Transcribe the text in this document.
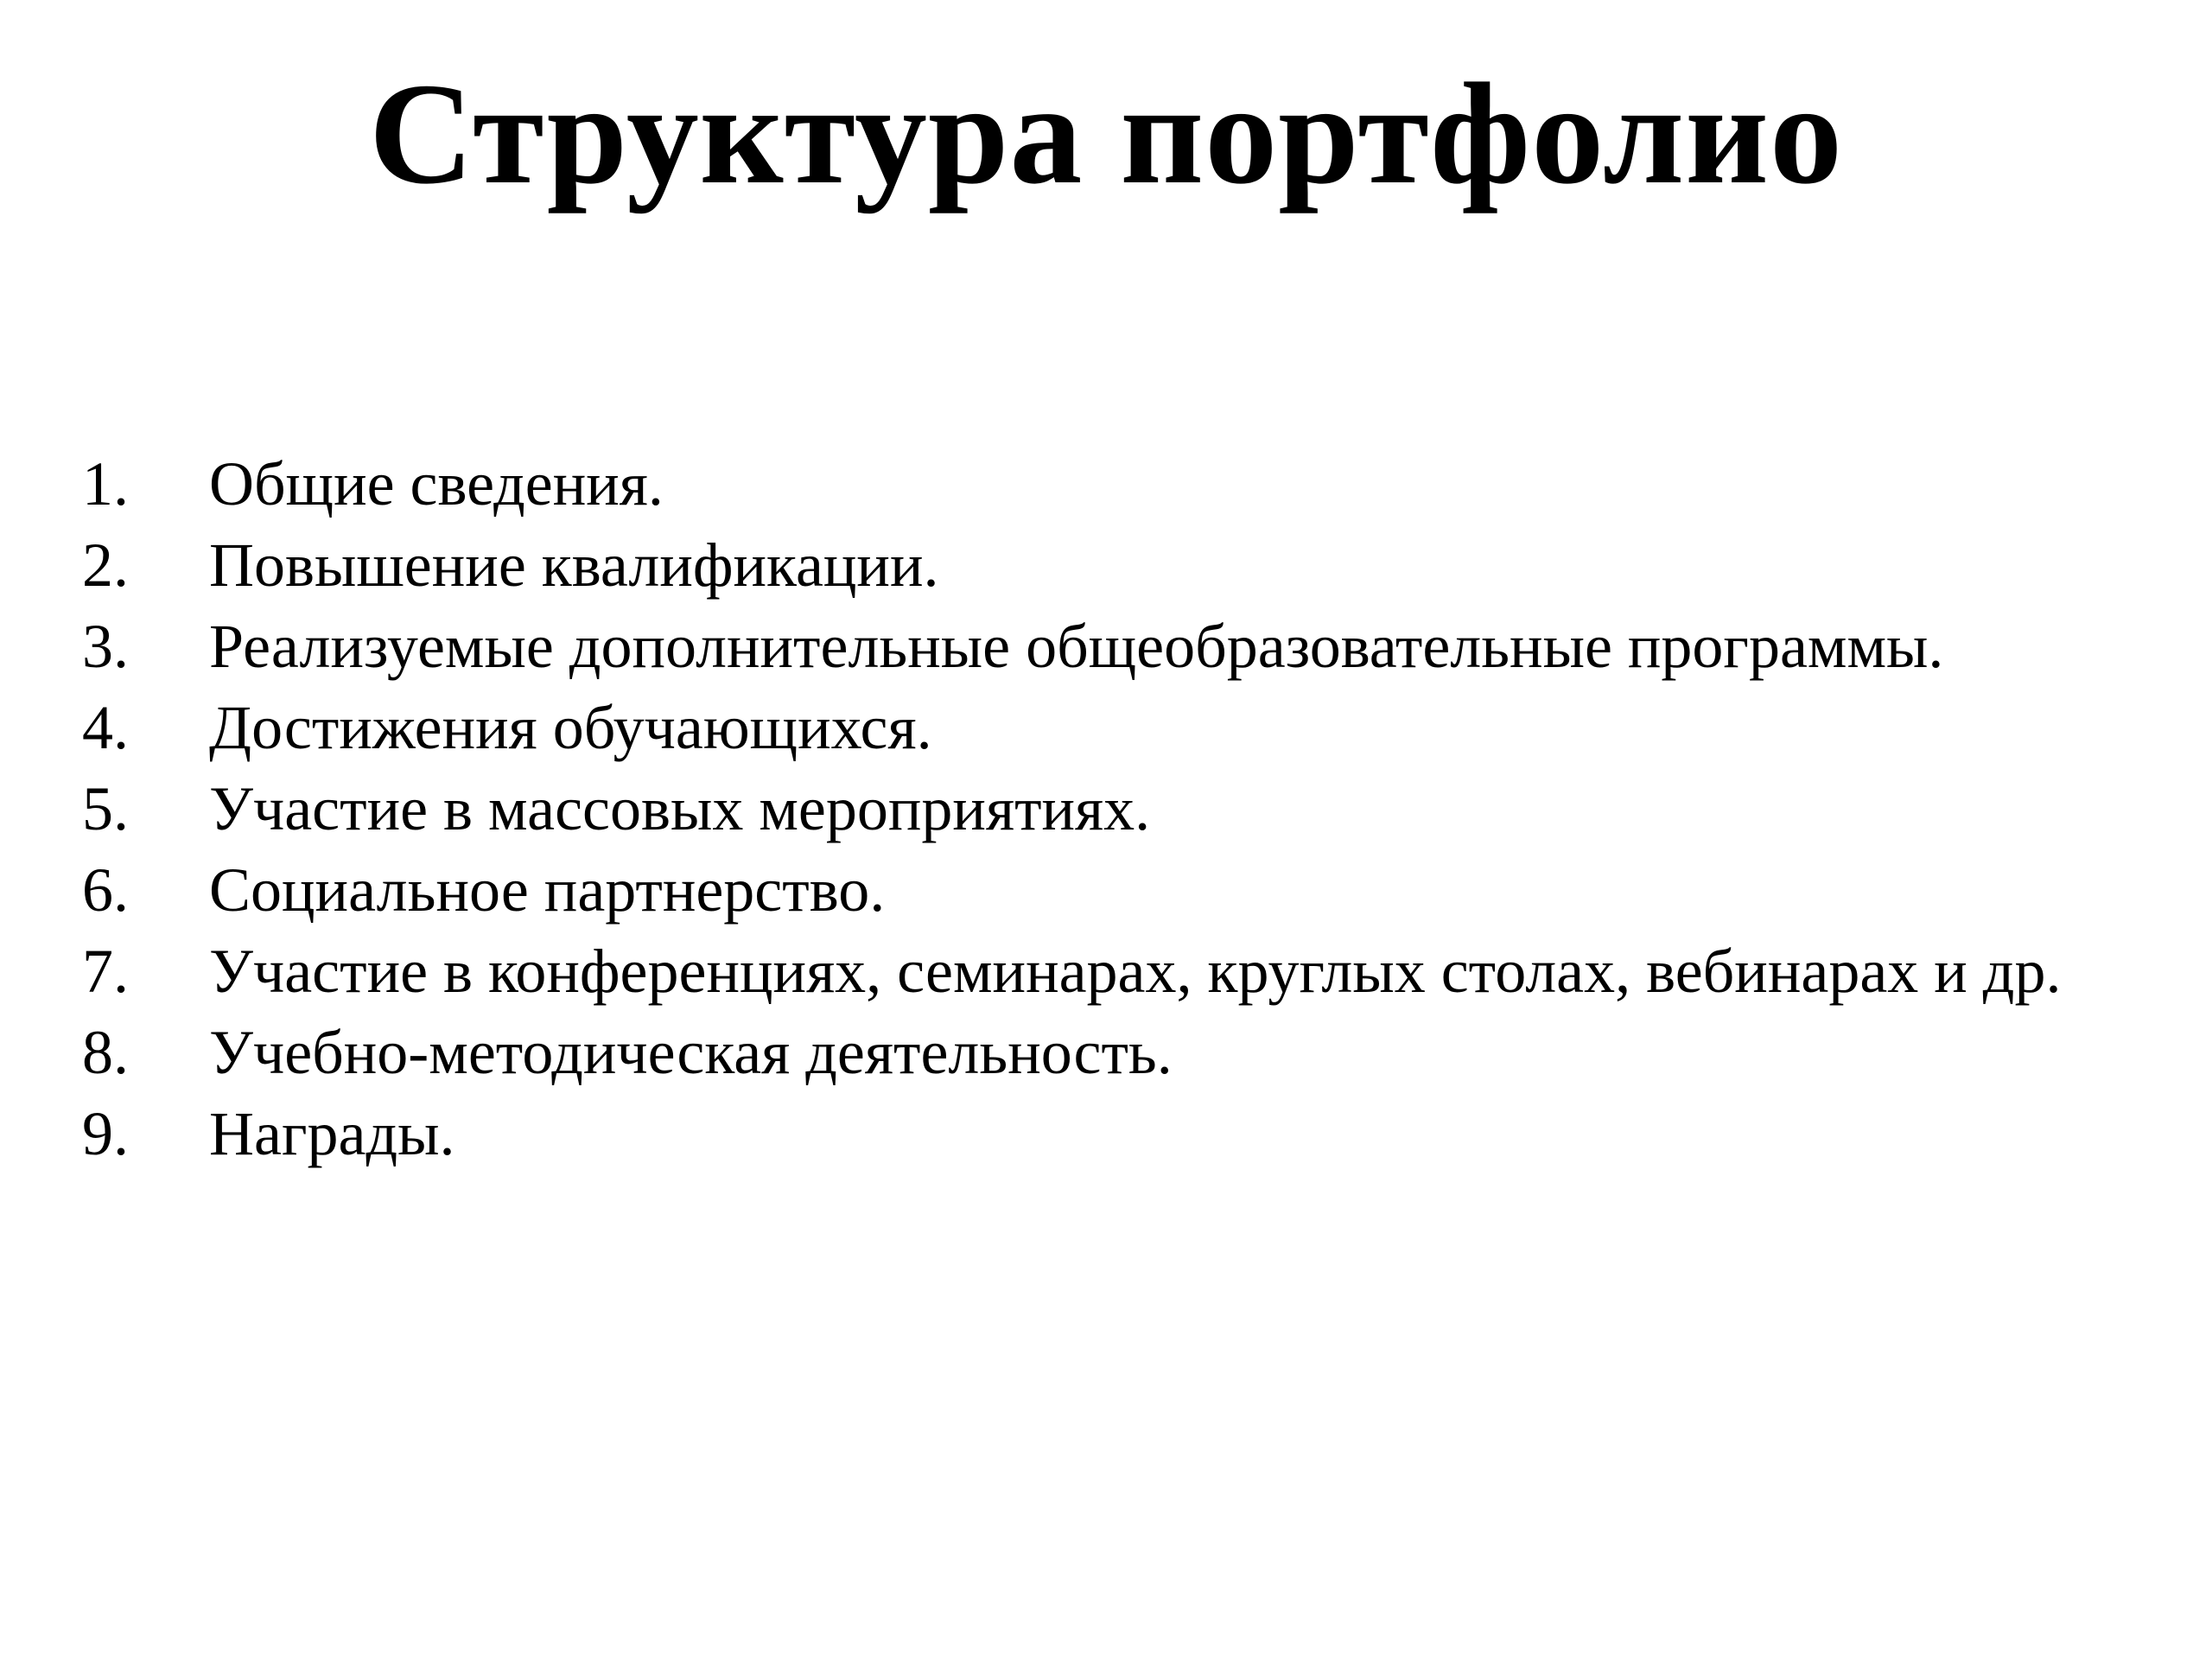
Структура портфолио
1.	Общие сведения.
2.	Повышение квалификации.
3.	Реализуемые дополнительные общеобразовательные программы.
4.	Достижения обучающихся.
5.	Участие в массовых мероприятиях.
6.	Социальное партнерство.
7.	Участие в конференциях, семинарах, круглых столах, вебинарах и др.
8.	Учебно-методическая деятельность.
9.	Награды.
